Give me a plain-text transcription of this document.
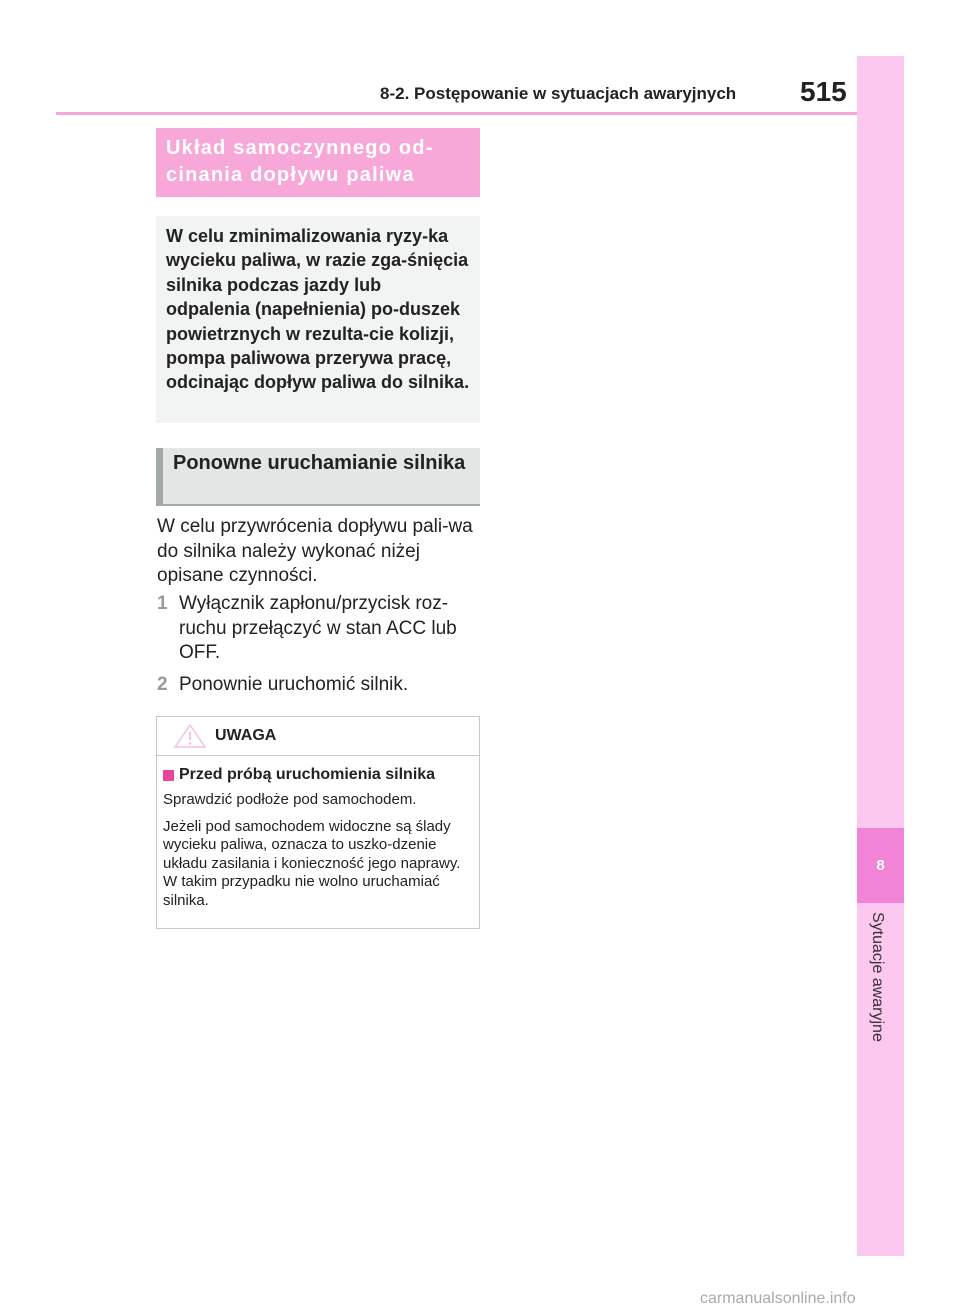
8-2. Postępowanie w sytuacjach awaryjnych 515
8
Sytuacje awaryjne
Układ samoczynnego od-cinania dopływu paliwa
W celu zminimalizowania ryzy-ka wycieku paliwa, w razie zga-śnięcia silnika podczas jazdy lub odpalenia (napełnienia) po-duszek powietrznych w rezulta-cie kolizji, pompa paliwowa przerywa pracę, odcinając dopływ paliwa do silnika.
Ponowne uruchamianie silnika
W celu przywrócenia dopływu pali-wa do silnika należy wykonać niżej opisane czynności.
1 Wyłącznik zapłonu/przycisk roz-ruchu przełączyć w stan ACC lub OFF.
2 Ponownie uruchomić silnik.
UWAGA
Przed próbą uruchomienia silnika
Sprawdzić podłoże pod samochodem.
Jeżeli pod samochodem widoczne są ślady wycieku paliwa, oznacza to uszko-dzenie układu zasilania i konieczność jego naprawy. W takim przypadku nie wolno uruchamiać silnika.
carmanualsonline.info
